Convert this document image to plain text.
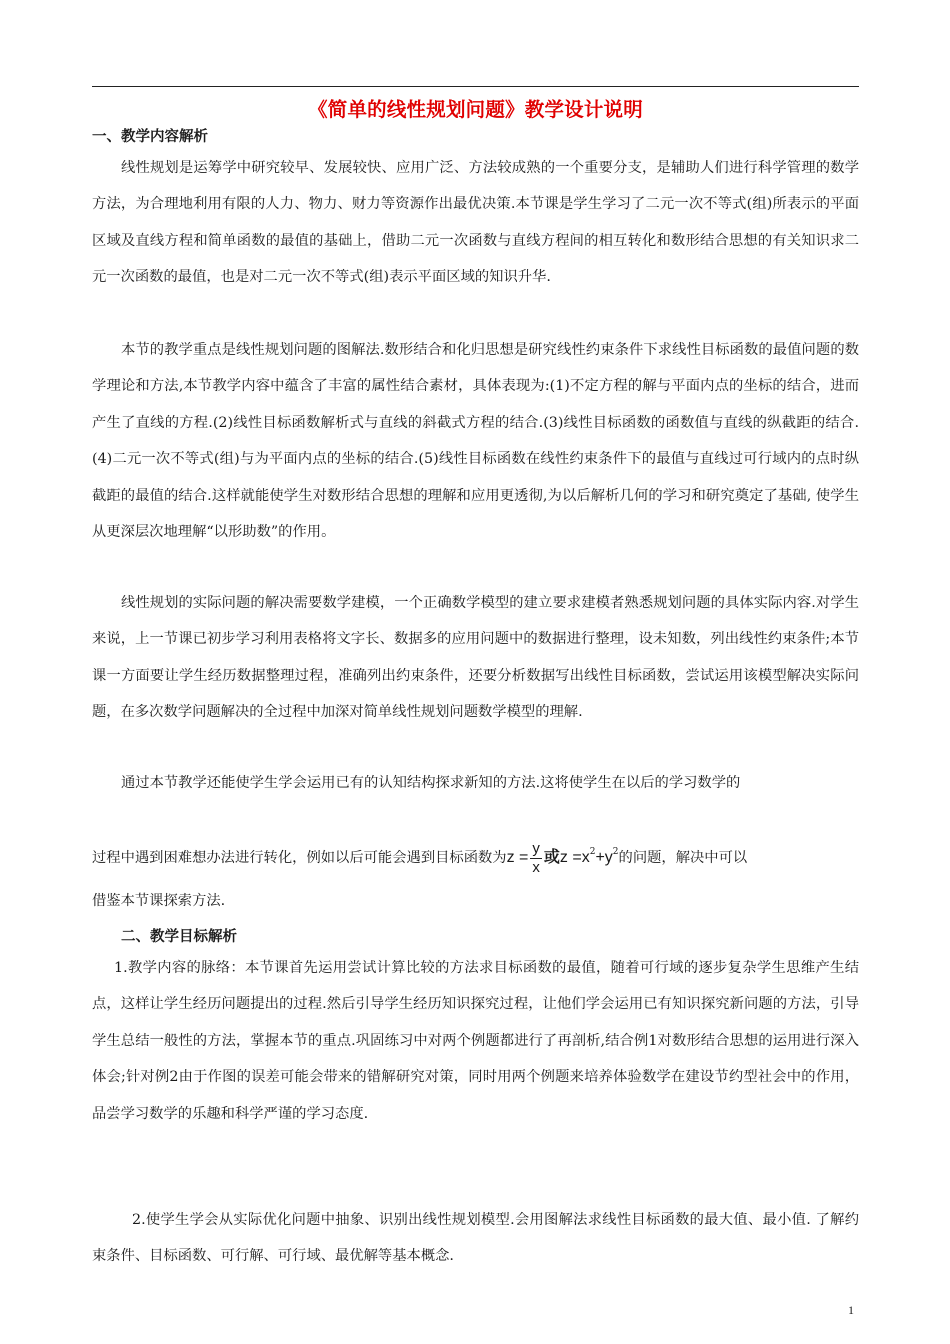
《简单的线性规划问题》教学设计说明
一、教学内容解析

线性规划是运筹学中研究较早、发展较快、应用广泛、方法较成熟的一个重要分支，是辅助人们进行科学管理的数学方法，为合理地利用有限的人力、物力、财力等资源作出最优决策.本节课是学生学习了二元一次不等式(组)所表示的平面区域及直线方程和简单函数的最值的基础上，借助二元一次函数与直线方程间的相互转化和数形结合思想的有关知识求二元一次函数的最值，也是对二元一次不等式(组)表示平面区域的知识升华.

本节的教学重点是线性规划问题的图解法.数形结合和化归思想是研究线性约束条件下求线性目标函数的最值问题的数学理论和方法,本节教学内容中蕴含了丰富的属性结合素材，具体表现为:(1)不定方程的解与平面内点的坐标的结合，进而产生了直线的方程.(2)线性目标函数解析式与直线的斜截式方程的结合.(3)线性目标函数的函数值与直线的纵截距的结合.(4)二元一次不等式(组)与为平面内点的坐标的结合.(5)线性目标函数在线性约束条件下的最值与直线过可行域内的点时纵截距的最值的结合.这样就能使学生对数形结合思想的理解和应用更透彻,为以后解析几何的学习和研究奠定了基础, 使学生从更深层次地理解“以形助数”的作用。

线性规划的实际问题的解决需要数学建模，一个正确数学模型的建立要求建模者熟悉规划问题的具体实际内容.对学生来说，上一节课已初步学习利用表格将文字长、数据多的应用问题中的数据进行整理，设未知数，列出线性约束条件;本节课一方面要让学生经历数据整理过程，准确列出约束条件，还要分析数据写出线性目标函数，尝试运用该模型解决实际问题，在多次数学问题解决的全过程中加深对简单线性规划问题数学模型的理解.

通过本节教学还能使学生学会运用已有的认知结构探求新知的方法.这将使学生在以后的学习数学的

过程中遇到困难想办法进行转化，例如以后可能会遇到目标函数为$z = \frac{y}{x}$ 或$z =x^2+y^2$的问题，解决中可以

借鉴本节课探索方法.

二、教学目标解析

1.教学内容的脉络：本节课首先运用尝试计算比较的方法求目标函数的最值，随着可行域的逐步复杂学生思维产生结点，这样让学生经历问题提出的过程.然后引导学生经历知识探究过程，让他们学会运用已有知识探究新问题的方法，引导学生总结一般性的方法，掌握本节的重点.巩固练习中对两个例题都进行了再剖析,结合例1对数形结合思想的运用进行深入体会;针对例2由于作图的误差可能会带来的错解研究对策，同时用两个例题来培养体验数学在建设节约型社会中的作用，品尝学习数学的乐趣和科学严谨的学习态度.

2.使学生学会从实际优化问题中抽象、识别出线性规划模型.会用图解法求线性目标函数的最大值、最小值. 了解约束条件、目标函数、可行解、可行域、最优解等基本概念.

1
